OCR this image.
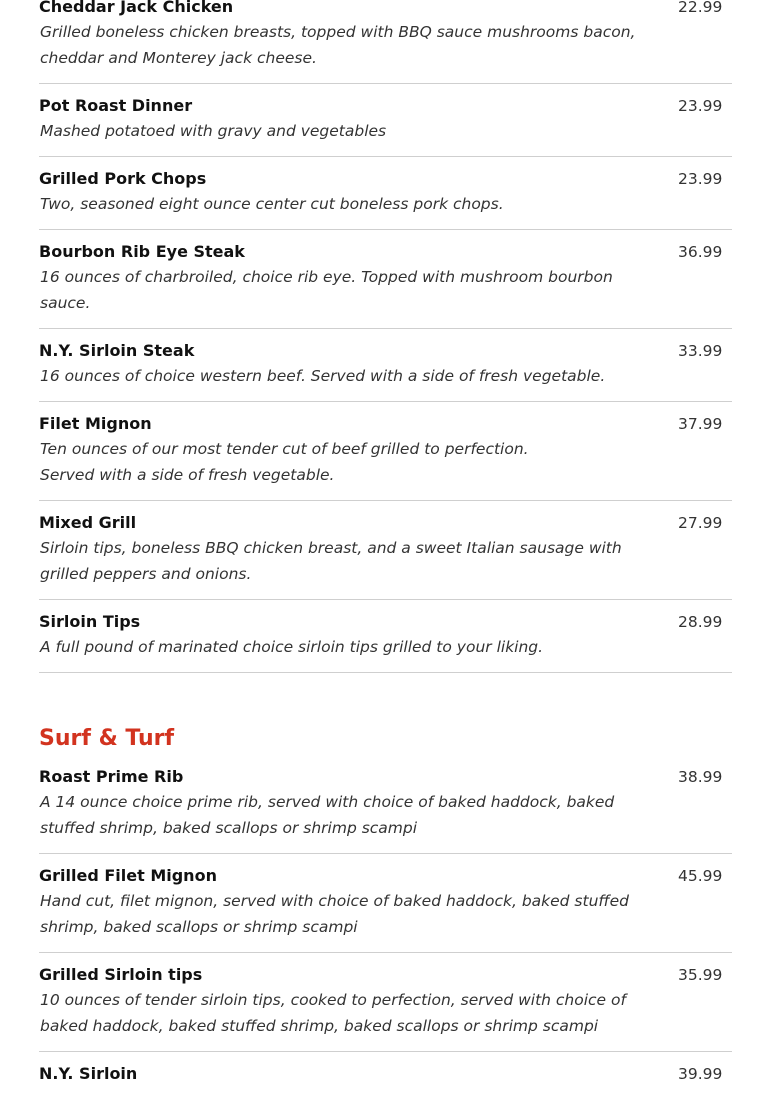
Cheddar Jack Chicken	22.99
Grilled boneless chicken breasts, topped with BBQ sauce mushrooms bacon,
cheddar and Monterey jack cheese.
Pot Roast Dinner	23.99
Mashed potatoed with gravy and vegetables
Grilled Pork Chops	23.99
Two, seasoned eight ounce center cut boneless pork chops.
Bourbon Rib Eye Steak	36.99
16 ounces of charbroiled, choice rib eye. Topped with mushroom bourbon
sauce.
N.Y. Sirloin Steak	33.99
16 ounces of choice western beef. Served with a side of fresh vegetable.
Filet Mignon	37.99
Ten ounces of our most tender cut of beef grilled to perfection.
Served with a side of fresh vegetable.
Mixed Grill	27.99
Sirloin tips, boneless BBQ chicken breast, and a sweet Italian sausage with
grilled peppers and onions.
Sirloin Tips	28.99
A full pound of marinated choice sirloin tips grilled to your liking.
Surf & Turf
Roast Prime Rib	38.99
A 14 ounce choice prime rib, served with choice of baked haddock, baked
stuffed shrimp, baked scallops or shrimp scampi
Grilled Filet Mignon	45.99
Hand cut, filet mignon, served with choice of baked haddock, baked stuffed
shrimp, baked scallops or shrimp scampi
Grilled Sirloin tips	35.99
10 ounces of tender sirloin tips, cooked to perfection, served with choice of
baked haddock, baked stuffed shrimp, baked scallops or shrimp scampi
N.Y. Sirloin	39.99
